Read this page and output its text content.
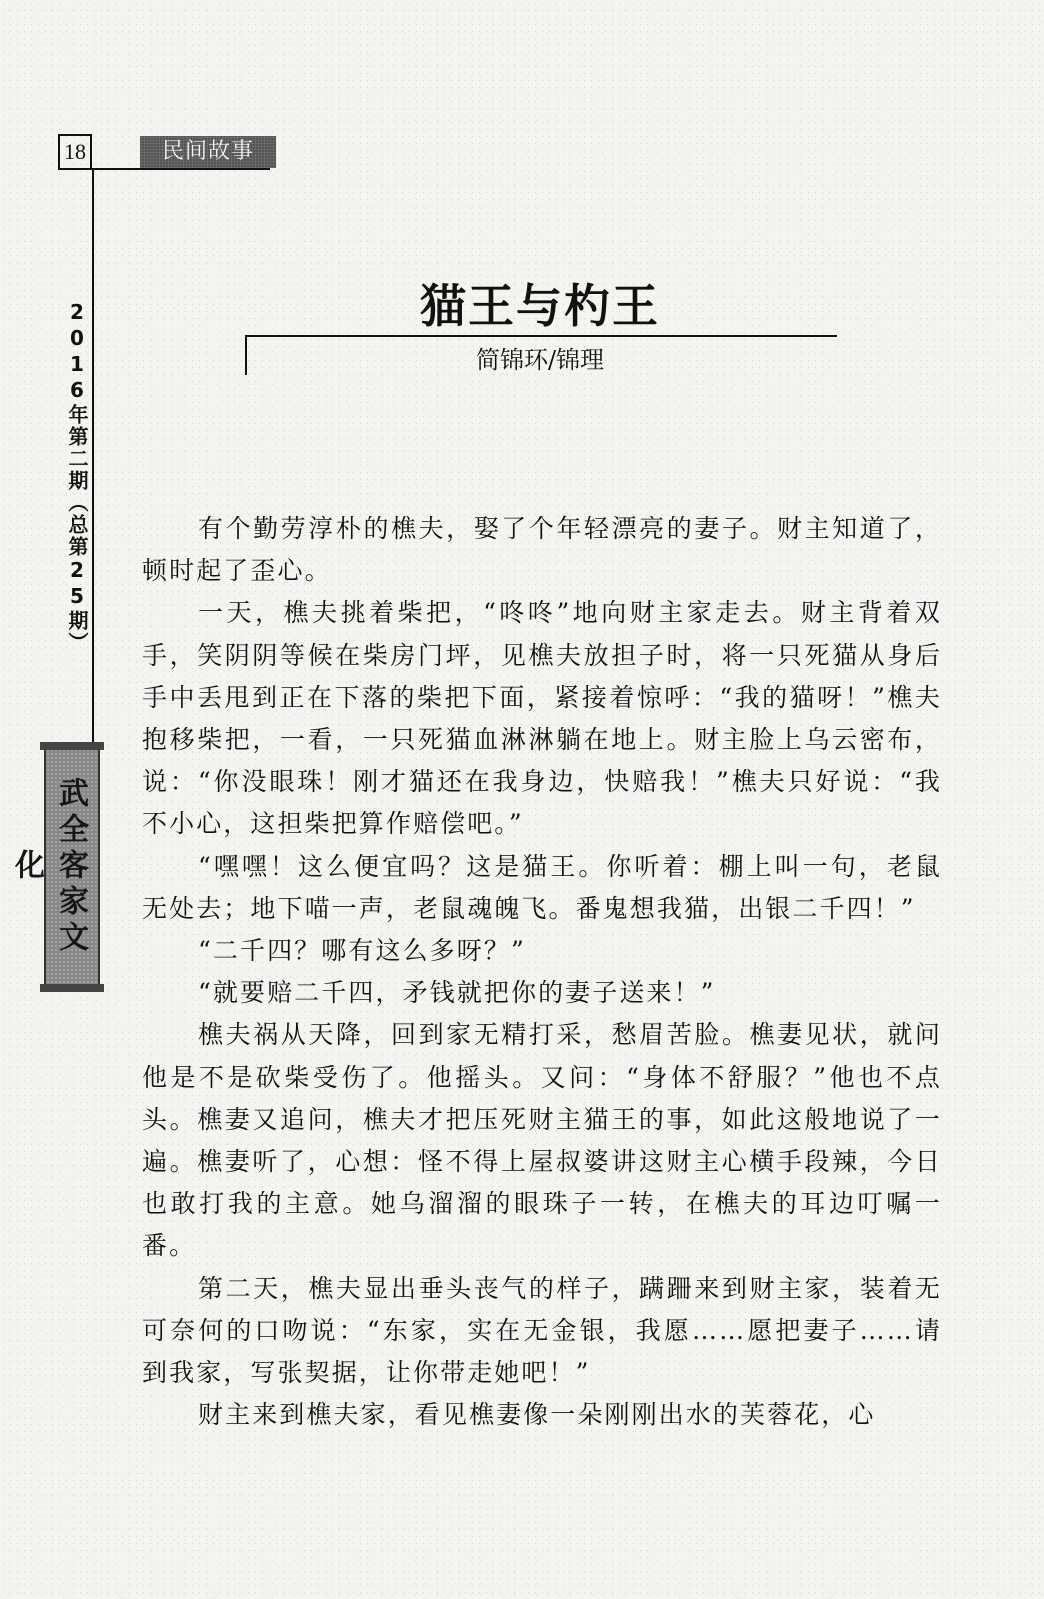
18	民间故事
2016年第二期（总第25期）
武全客家文化
猫王与杓王
简锦环/锦理

有个勤劳淳朴的樵夫，娶了个年轻漂亮的妻子。财主知道了，顿时起了歪心。

一天，樵夫挑着柴把，“咚咚”地向财主家走去。财主背着双手，笑阴阴等候在柴房门坪，见樵夫放担子时，将一只死猫从身后手中丢甩到正在下落的柴把下面，紧接着惊呼：“我的猫呀！”樵夫抱移柴把，一看，一只死猫血淋淋躺在地上。财主脸上乌云密布，说：“你没眼珠！刚才猫还在我身边，快赔我！”樵夫只好说：“我不小心，这担柴把算作赔偿吧。”

“嘿嘿！这么便宜吗？这是猫王。你听着：棚上叫一句，老鼠无处去；地下喵一声，老鼠魂魄飞。番鬼想我猫，出银二千四！”

“二千四？哪有这么多呀？”

“就要赔二千四，矛钱就把你的妻子送来！”

樵夫祸从天降，回到家无精打采，愁眉苦脸。樵妻见状，就问他是不是砍柴受伤了。他摇头。又问：“身体不舒服？”他也不点头。樵妻又追问，樵夫才把压死财主猫王的事，如此这般地说了一遍。樵妻听了，心想：怪不得上屋叔婆讲这财主心横手段辣，今日也敢打我的主意。她乌溜溜的眼珠子一转，在樵夫的耳边叮嘱一番。

第二天，樵夫显出垂头丧气的样子，蹒跚来到财主家，装着无可奈何的口吻说：“东家，实在无金银，我愿……愿把妻子……请到我家，写张契据，让你带走她吧！”

财主来到樵夫家，看见樵妻像一朵刚刚出水的芙蓉花，心
